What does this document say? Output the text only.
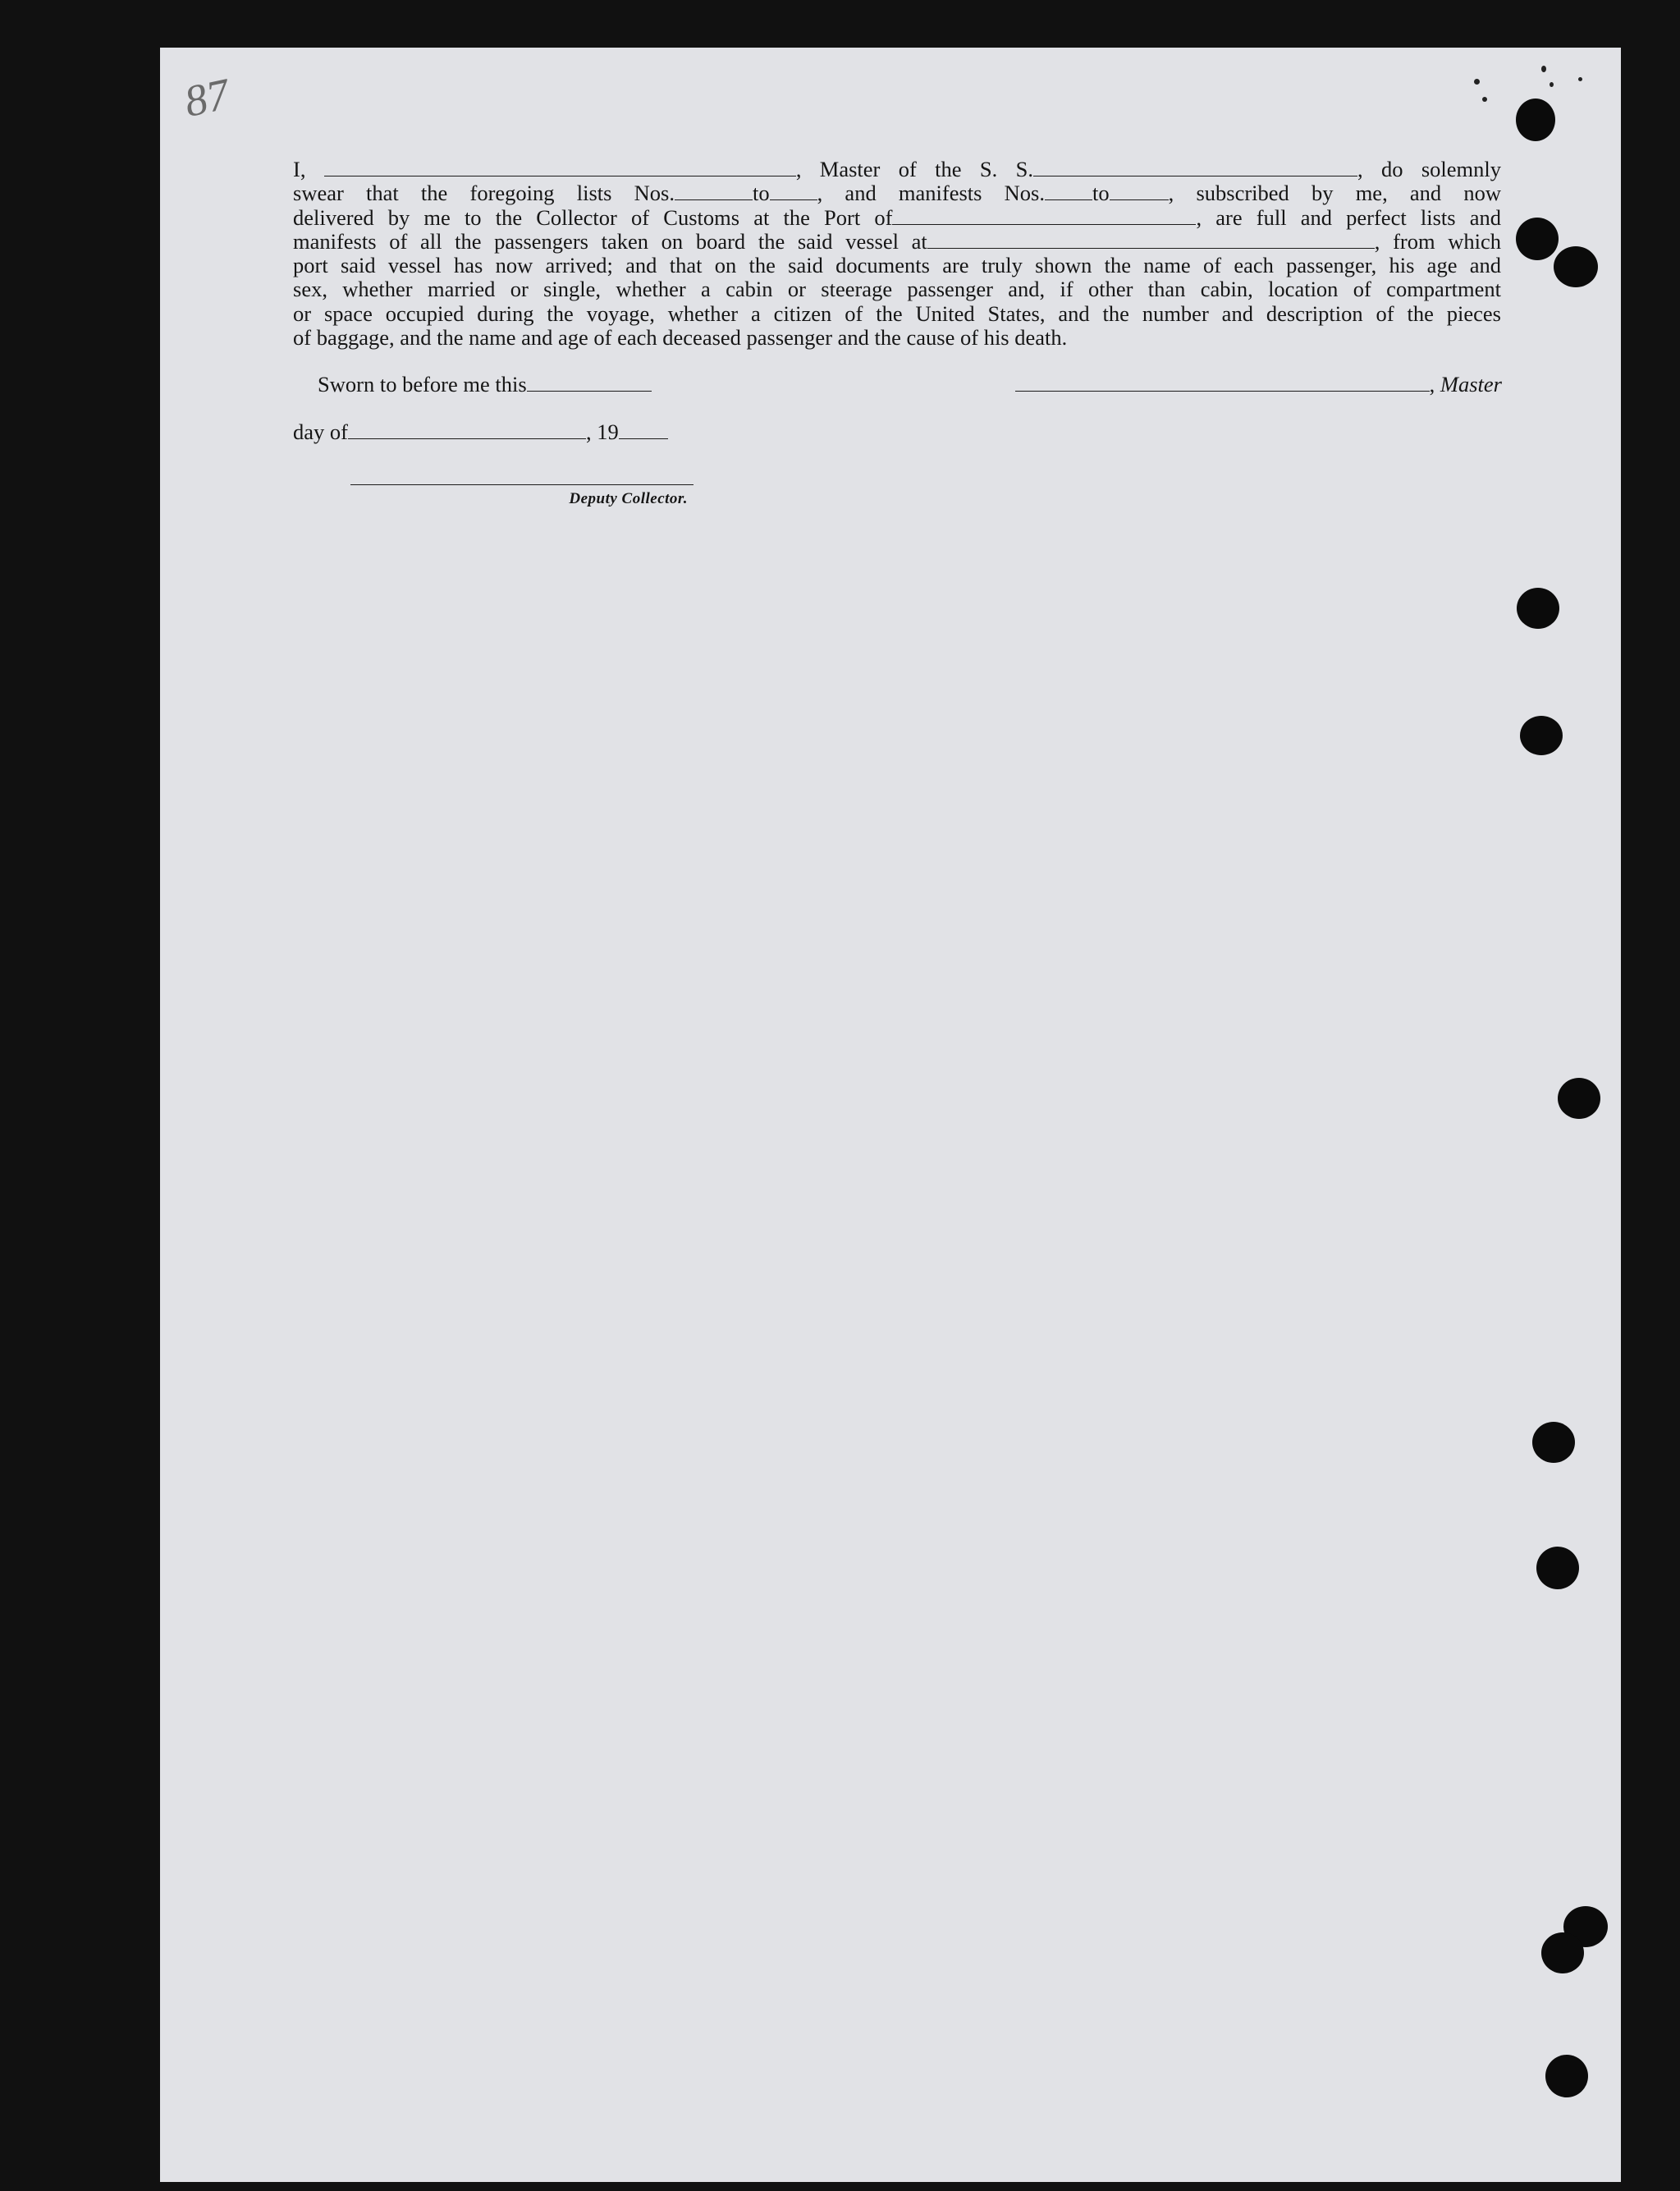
87
I,	, Master of the S. S.	, do solemnly
swear that the foregoing lists Nos.	to , and manifests Nos. to	, subscribed by me, and now
delivered by me to the Collector of Customs at the Port of	, are full and perfect lists and
manifests of all the passengers taken on board the said vessel at	, from which
port said vessel has now arrived; and that on the said documents are truly shown the name of each passenger, his age and
sex, whether married or single, whether a cabin or steerage passenger and, if other than cabin, location of compartment
or space occupied during the voyage, whether a citizen of the United States, and the number and description of the pieces
of baggage, and the name and age of each deceased passenger and the cause of his death.
Sworn to before me this	, Master
day of	, 19
Deputy Collector.
